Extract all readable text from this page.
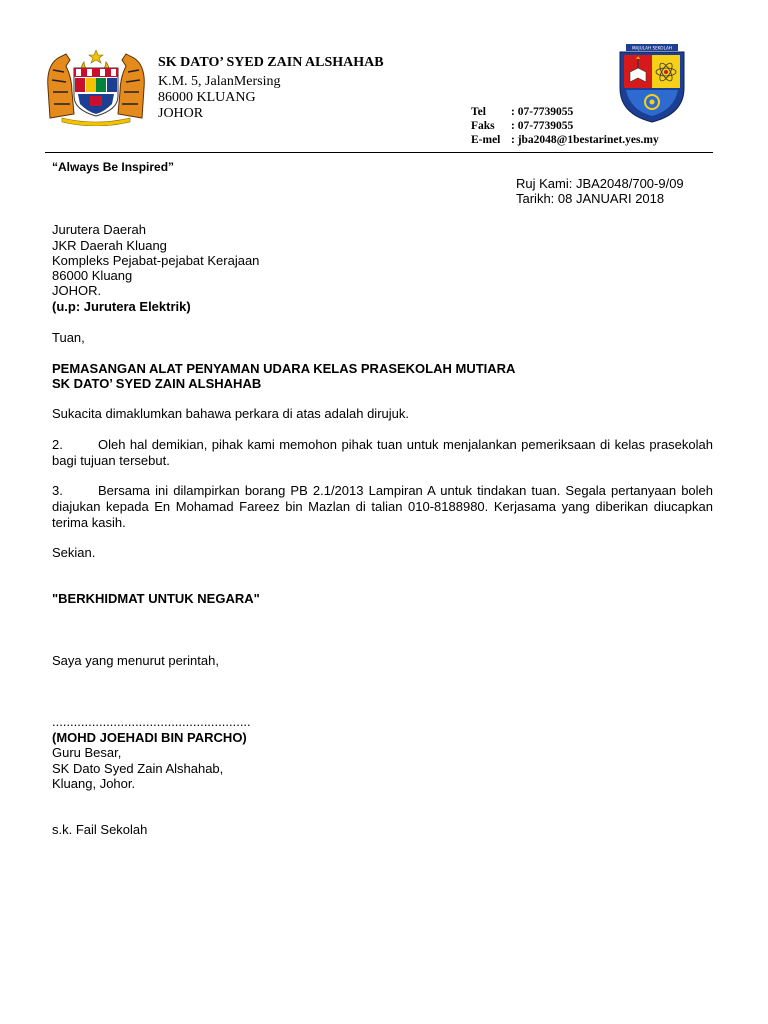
SK DATO’ SYED ZAIN ALSHAHAB
K.M. 5, JalanMersing
86000 KLUANG
JOHOR	Tel : 07-7739055
Faks : 07-7739055
E-mel : jba2048@1bestarinet.yes.my
MAJULAH SEKOLAH
“Always Be Inspired”
Ruj Kami: JBA2048/700-9/09
Tarikh: 08 JANUARI 2018
Jurutera Daerah
JKR Daerah Kluang
Kompleks Pejabat-pejabat Kerajaan
86000 Kluang
JOHOR.
(u.p: Jurutera Elektrik)
Tuan,
PEMASANGAN ALAT PENYAMAN UDARA KELAS PRASEKOLAH MUTIARA
SK DATO’ SYED ZAIN ALSHAHAB
Sukacita dimaklumkan bahawa perkara di atas adalah dirujuk.
2.	Oleh hal demikian, pihak kami memohon pihak tuan untuk menjalankan pemeriksaan di kelas prasekolah bagi tujuan tersebut.
3.	Bersama ini dilampirkan borang PB 2.1/2013 Lampiran A untuk tindakan tuan. Segala pertanyaan boleh diajukan kepada En Mohamad Fareez bin Mazlan di talian 010-8188980. Kerjasama yang diberikan diucapkan terima kasih.
Sekian.
"BERKHIDMAT UNTUK NEGARA"
Saya yang menurut perintah,
.......................................................
(MOHD JOEHADI BIN PARCHO)
Guru Besar,
SK Dato Syed Zain Alshahab,
Kluang, Johor.
s.k. Fail Sekolah
